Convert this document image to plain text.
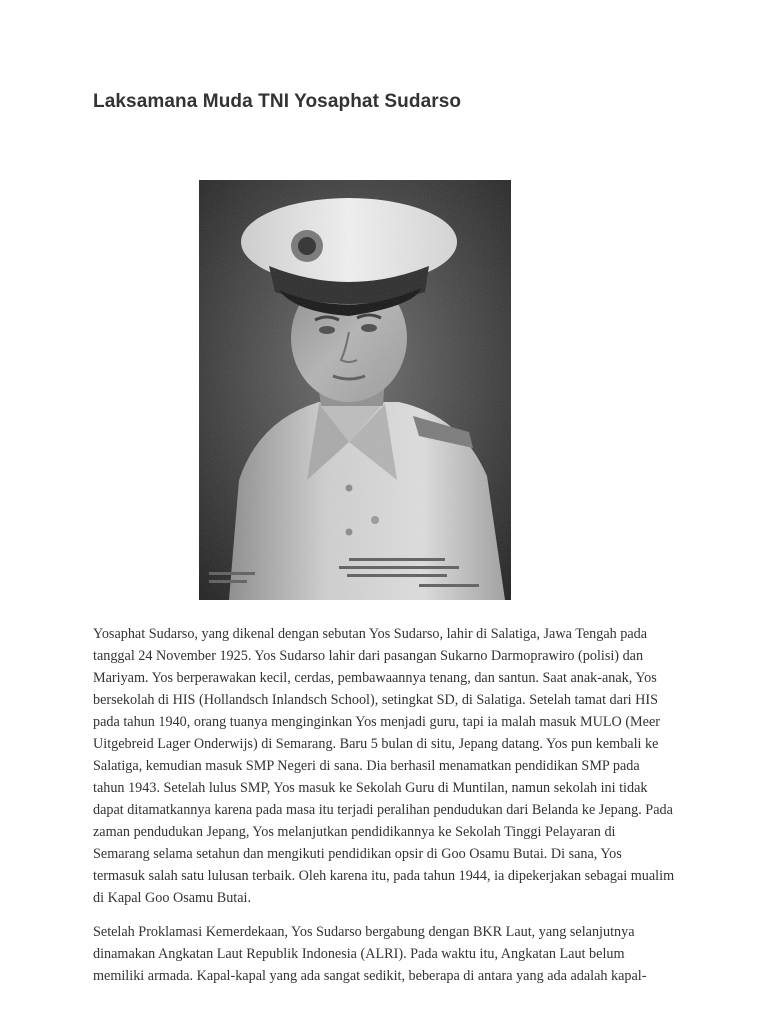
Laksamana Muda TNI Yosaphat Sudarso

Yosaphat Sudarso, yang dikenal dengan sebutan Yos Sudarso, lahir di Salatiga, Jawa Tengah pada
tanggal 24 November 1925. Yos Sudarso lahir dari pasangan Sukarno Darmoprawiro (polisi) dan
Mariyam. Yos berperawakan kecil, cerdas, pembawaannya tenang, dan santun. Saat anak-anak, Yos
bersekolah di HIS (Hollandsch Inlandsch School), setingkat SD, di Salatiga. Setelah tamat dari HIS
pada tahun 1940, orang tuanya menginginkan Yos menjadi guru, tapi ia malah masuk MULO (Meer
Uitgebreid Lager Onderwijs) di Semarang. Baru 5 bulan di situ, Jepang datang. Yos pun kembali ke
Salatiga, kemudian masuk SMP Negeri di sana. Dia berhasil menamatkan pendidikan SMP pada
tahun 1943. Setelah lulus SMP, Yos masuk ke Sekolah Guru di Muntilan, namun sekolah ini tidak
dapat ditamatkannya karena pada masa itu terjadi peralihan pendudukan dari Belanda ke Jepang. Pada
zaman pendudukan Jepang, Yos melanjutkan pendidikannya ke Sekolah Tinggi Pelayaran di
Semarang selama setahun dan mengikuti pendidikan opsir di Goo Osamu Butai. Di sana, Yos
termasuk salah satu lulusan terbaik. Oleh karena itu, pada tahun 1944, ia dipekerjakan sebagai mualim
di Kapal Goo Osamu Butai.

Setelah Proklamasi Kemerdekaan, Yos Sudarso bergabung dengan BKR Laut, yang selanjutnya
dinamakan Angkatan Laut Republik Indonesia (ALRI). Pada waktu itu, Angkatan Laut belum
memiliki armada. Kapal-kapal yang ada sangat sedikit, beberapa di antara yang ada adalah kapal-
